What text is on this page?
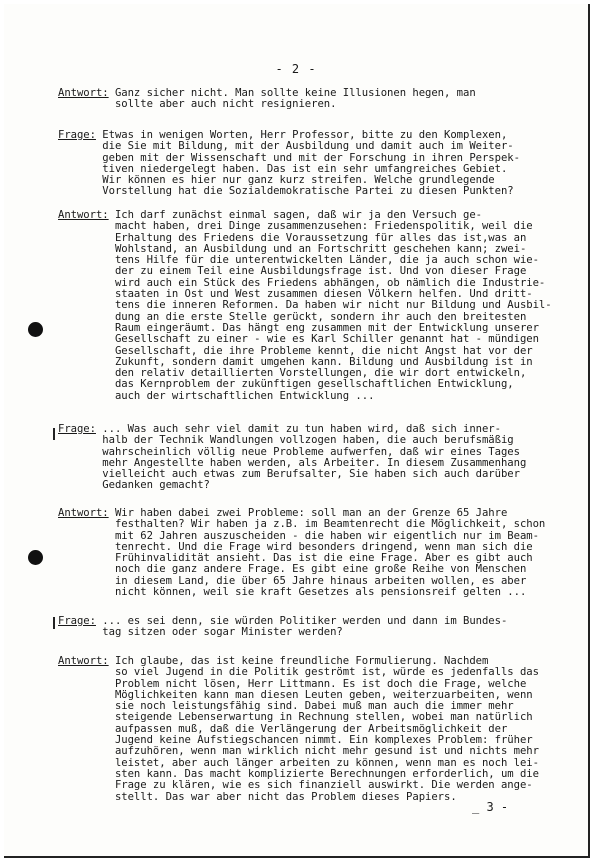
- 2 -
Antwort: Ganz sicher nicht. Man sollte keine Illusionen hegen, man
sollte aber auch nicht resignieren.
Frage: Etwas in wenigen Worten, Herr Professor, bitte zu den Komplexen,
die Sie mit Bildung, mit der Ausbildung und damit auch im Weiter-
geben mit der Wissenschaft und mit der Forschung in ihren Perspek-
tiven niedergelegt haben. Das ist ein sehr umfangreiches Gebiet.
Wir können es hier nur ganz kurz streifen. Welche grundlegende
Vorstellung hat die Sozialdemokratische Partei zu diesen Punkten?
Antwort: Ich darf zunächst einmal sagen, daß wir ja den Versuch ge-
macht haben, drei Dinge zusammenzusehen: Friedenspolitik, weil die
Erhaltung des Friedens die Voraussetzung für alles das ist,was an
Wohlstand, an Ausbildung und an Fortschritt geschehen kann; zwei-
tens Hilfe für die unterentwickelten Länder, die ja auch schon wie-
der zu einem Teil eine Ausbildungsfrage ist. Und von dieser Frage
wird auch ein Stück des Friedens abhängen, ob nämlich die Industrie-
staaten in Ost und West zusammen diesen Völkern helfen. Und dritt-
tens die inneren Reformen. Da haben wir nicht nur Bildung und Ausbil-
dung an die erste Stelle gerückt, sondern ihr auch den breitesten
Raum eingeräumt. Das hängt eng zusammen mit der Entwicklung unserer
Gesellschaft zu einer - wie es Karl Schiller genannt hat - mündigen
Gesellschaft, die ihre Probleme kennt, die nicht Angst hat vor der
Zukunft, sondern damit umgehen kann. Bildung und Ausbildung ist in
den relativ detaillierten Vorstellungen, die wir dort entwickeln,
das Kernproblem der zukünftigen gesellschaftlichen Entwicklung,
auch der wirtschaftlichen Entwicklung ...
Frage: ... Was auch sehr viel damit zu tun haben wird, daß sich inner-
halb der Technik Wandlungen vollzogen haben, die auch berufsmäßig
wahrscheinlich völlig neue Probleme aufwerfen, daß wir eines Tages
mehr Angestellte haben werden, als Arbeiter. In diesem Zusammenhang
vielleicht auch etwas zum Berufsalter, Sie haben sich auch darüber
Gedanken gemacht?
Antwort: Wir haben dabei zwei Probleme: soll man an der Grenze 65 Jahre
festhalten? Wir haben ja z.B. im Beamtenrecht die Möglichkeit, schon
mit 62 Jahren auszuscheiden - die haben wir eigentlich nur im Beam-
tenrecht. Und die Frage wird besonders dringend, wenn man sich die
Frühinvalidität ansieht. Das ist die eine Frage. Aber es gibt auch
noch die ganz andere Frage. Es gibt eine große Reihe von Menschen
in diesem Land, die über 65 Jahre hinaus arbeiten wollen, es aber
nicht können, weil sie kraft Gesetzes als pensionsreif gelten ...
Frage: ... es sei denn, sie würden Politiker werden und dann im Bundes-
tag sitzen oder sogar Minister werden?
Antwort: Ich glaube, das ist keine freundliche Formulierung. Nachdem
so viel Jugend in die Politik geströmt ist, würde es jedenfalls das
Problem nicht lösen, Herr Littmann. Es ist doch die Frage, welche
Möglichkeiten kann man diesen Leuten geben, weiterzuarbeiten, wenn
sie noch leistungsfähig sind. Dabei muß man auch die immer mehr
steigende Lebenserwartung in Rechnung stellen, wobei man natürlich
aufpassen muß, daß die Verlängerung der Arbeitsmöglichkeit der
Jugend keine Aufstiegschancen nimmt. Ein komplexes Problem: früher
aufzuhören, wenn man wirklich nicht mehr gesund ist und nichts mehr
leistet, aber auch länger arbeiten zu können, wenn man es noch lei-
sten kann. Das macht komplizierte Berechnungen erforderlich, um die
Frage zu klären, wie es sich finanziell auswirkt. Die werden ange-
stellt. Das war aber nicht das Problem dieses Papiers.
_ 3 -
